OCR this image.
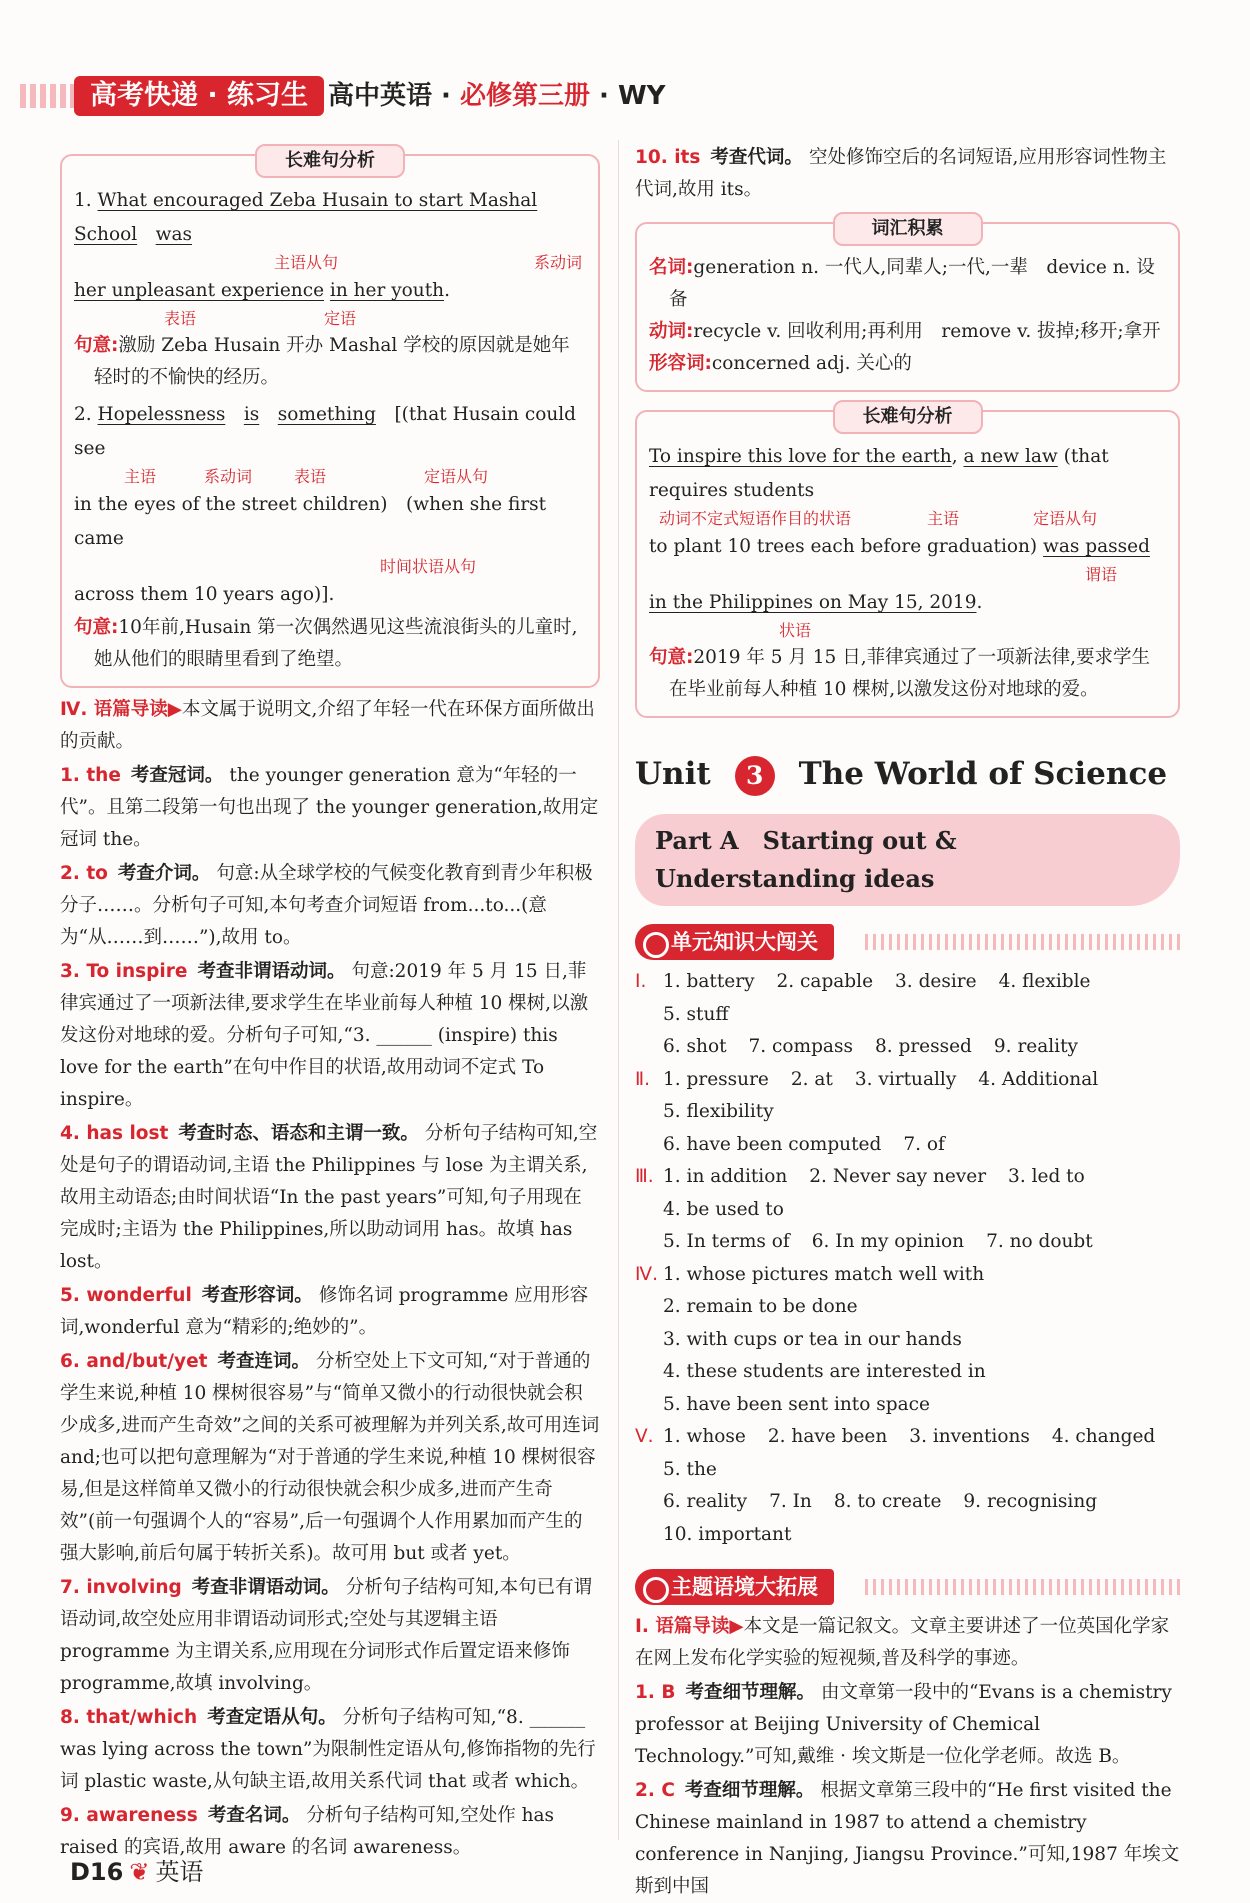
高考快递 · 练习生 高中英语 · 必修第三册 · WY
长难句分析
1. What encouraged Zeba Husain to start Mashal School　 was
主语从句	系动词
her unpleasant experience in her youth.
表语	定语
句意:激励 Zeba Husain 开办 Mashal 学校的原因就是她年轻时的不愉快的经历。
2. Hopelessness　 is　 something　 [(that Husain could see
主语	系动词	表语	定语从句
in the eyes of the street children)　 (when she first came
时间状语从句
across them 10 years ago)].
句意:10年前,Husain 第一次偶然遇见这些流浪街头的儿童时,她从他们的眼睛里看到了绝望。
Ⅳ. 语篇导读▶本文属于说明文,介绍了年轻一代在环保方面所做出的贡献。
1. the 考查冠词。 the younger generation 意为“年轻的一代”。且第二段第一句也出现了 the younger generation,故用定冠词 the。
2. to 考查介词。 句意:从全球学校的气候变化教育到青少年积极分子……。分析句子可知,本句考查介词短语 from...to...(意为“从……到……”),故用 to。
3. To inspire 考查非谓语动词。 句意:2019 年 5 月 15 日,菲律宾通过了一项新法律,要求学生在毕业前每人种植 10 棵树,以激发这份对地球的爱。分析句子可知,“3. ______ (inspire) this love for the earth”在句中作目的状语,故用动词不定式 To inspire。
4. has lost 考查时态、语态和主谓一致。 分析句子结构可知,空处是句子的谓语动词,主语 the Philippines 与 lose 为主谓关系,故用主动语态;由时间状语“In the past years”可知,句子用现在完成时;主语为 the Philippines,所以助动词用 has。故填 has lost。
5. wonderful 考查形容词。 修饰名词 programme 应用形容词,wonderful 意为“精彩的;绝妙的”。
6. and/but/yet 考查连词。 分析空处上下文可知,“对于普通的学生来说,种植 10 棵树很容易”与“简单又微小的行动很快就会积少成多,进而产生奇效”之间的关系可被理解为并列关系,故可用连词 and;也可以把句意理解为“对于普通的学生来说,种植 10 棵树很容易,但是这样简单又微小的行动很快就会积少成多,进而产生奇效”(前一句强调个人的“容易”,后一句强调个人作用累加而产生的强大影响,前后句属于转折关系)。故可用 but 或者 yet。
7. involving 考查非谓语动词。 分析句子结构可知,本句已有谓语动词,故空处应用非谓语动词形式;空处与其逻辑主语 programme 为主谓关系,应用现在分词形式作后置定语来修饰 programme,故填 involving。
8. that/which 考查定语从句。 分析句子结构可知,“8. ______ was lying across the town”为限制性定语从句,修饰指物的先行词 plastic waste,从句缺主语,故用关系代词 that 或者 which。
9. awareness 考查名词。 分析句子结构可知,空处作 has raised 的宾语,故用 aware 的名词 awareness。
10. its 考查代词。 空处修饰空后的名词短语,应用形容词性物主代词,故用 its。
词汇积累
名词:generation n. 一代人,同辈人;一代,一辈　device n. 设备
动词:recycle v. 回收利用;再利用　remove v. 拔掉;移开;拿开
形容词:concerned adj. 关心的
长难句分析
To inspire this love for the earth, a new law (that requires students
动词不定式短语作目的状语	主语	定语从句
to plant 10 trees each before graduation) was passed
谓语
in the Philippines on May 15, 2019.
状语
句意:2019 年 5 月 15 日,菲律宾通过了一项新法律,要求学生在毕业前每人种植 10 棵树,以激发这份对地球的爱。
Unit 3 The World of Science
Part A　 Starting out & Understanding ideas
单元知识大闯关
Ⅰ. 1. battery 2. capable 3. desire 4. flexible
5. stuff
6. shot 7. compass 8. pressed 9. reality
Ⅱ. 1. pressure 2. at 3. virtually 4. Additional
5. flexibility
6. have been computed 7. of
Ⅲ. 1. in addition 2. Never say never 3. led to
4. be used to
5. In terms of 6. In my opinion 7. no doubt
Ⅳ. 1. whose pictures match well with
2. remain to be done
3. with cups or tea in our hands
4. these students are interested in
5. have been sent into space
Ⅴ. 1. whose 2. have been 3. inventions 4. changed
5. the
6. reality 7. In 8. to create 9. recognising
10. important
主题语境大拓展
Ⅰ. 语篇导读▶本文是一篇记叙文。文章主要讲述了一位英国化学家在网上发布化学实验的短视频,普及科学的事迹。
1. B 考查细节理解。 由文章第一段中的“Evans is a chemistry professor at Beijing University of Chemical Technology.”可知,戴维 · 埃文斯是一位化学老师。故选 B。
2. C 考查细节理解。 根据文章第三段中的“He first visited the Chinese mainland in 1987 to attend a chemistry conference in Nanjing, Jiangsu Province.”可知,1987 年埃文斯到中国
D16 ❦ 英语
